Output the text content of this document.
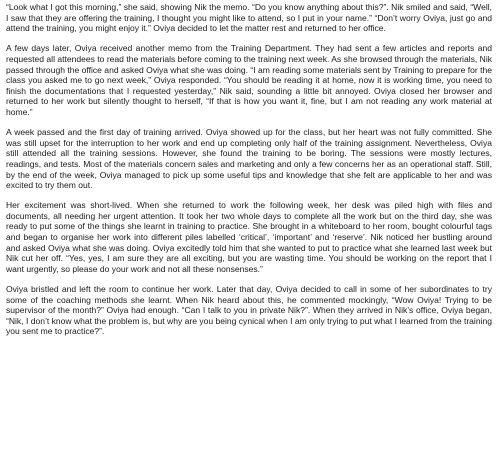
“Look what I got this morning,” she said, showing Nik the memo. “Do you know anything about this?”. Nik smiled and said, “Well, I saw that they are offering the training, I thought you might like to attend, so I put in your name.” “Don’t worry Oviya, just go and attend the training, you might enjoy it.” Oviya decided to let the matter rest and returned to her office.

A few days later, Oviya received another memo from the Training Department. They had sent a few articles and reports and requested all attendees to read the materials before coming to the training next week. As she browsed through the materials, Nik passed through the office and asked Oviya what she was doing. “I am reading some materials sent by Training to prepare for the class you asked me to go next week,” Oviya responded. “You should be reading it at home, now it is working time, you need to finish the documentations that I requested yesterday,” Nik said, sounding a little bit annoyed. Oviya closed her browser and returned to her work but silently thought to herself, “If that is how you want it, fine, but I am not reading any work material at home.”

A week passed and the first day of training arrived. Oviya showed up for the class, but her heart was not fully committed. She was still upset for the interruption to her work and end up completing only half of the training assignment. Nevertheless, Oviya still attended all the training sessions. However, she found the training to be boring. The sessions were mostly lectures, readings, and tests. Most of the materials concern sales and marketing and only a few concerns her as an operational staff. Still, by the end of the week, Oviya managed to pick up some useful tips and knowledge that she felt are applicable to her and was excited to try them out.

Her excitement was short-lived. When she returned to work the following week, her desk was piled high with files and documents, all needing her urgent attention. It took her two whole days to complete all the work but on the third day, she was ready to put some of the things she learnt in training to practice. She brought in a whiteboard to her room, bought colourful tags and began to organise her work into different piles labelled ‘critical’, ‘important’ and ‘reserve’. Nik noticed her bustling around and asked Oviya what she was doing. Oviya excitedly told him that she wanted to put to practice what she learned last week but Nik cut her off. “Yes, yes, I am sure they are all exciting, but you are wasting time. You should be working on the report that I want urgently, so please do your work and not all these nonsenses.”

Oviya bristled and left the room to continue her work. Later that day, Oviya decided to call in some of her subordinates to try some of the coaching methods she learnt. When Nik heard about this, he commented mockingly, “Wow Oviya! Trying to be supervisor of the month?” Oviya had enough. “Can I talk to you in private Nik?”. When they arrived in Nik’s office, Oviya began, “Nik, I don’t know what the problem is, but why are you being cynical when I am only trying to put what I learned from the training you sent me to practice?”.
